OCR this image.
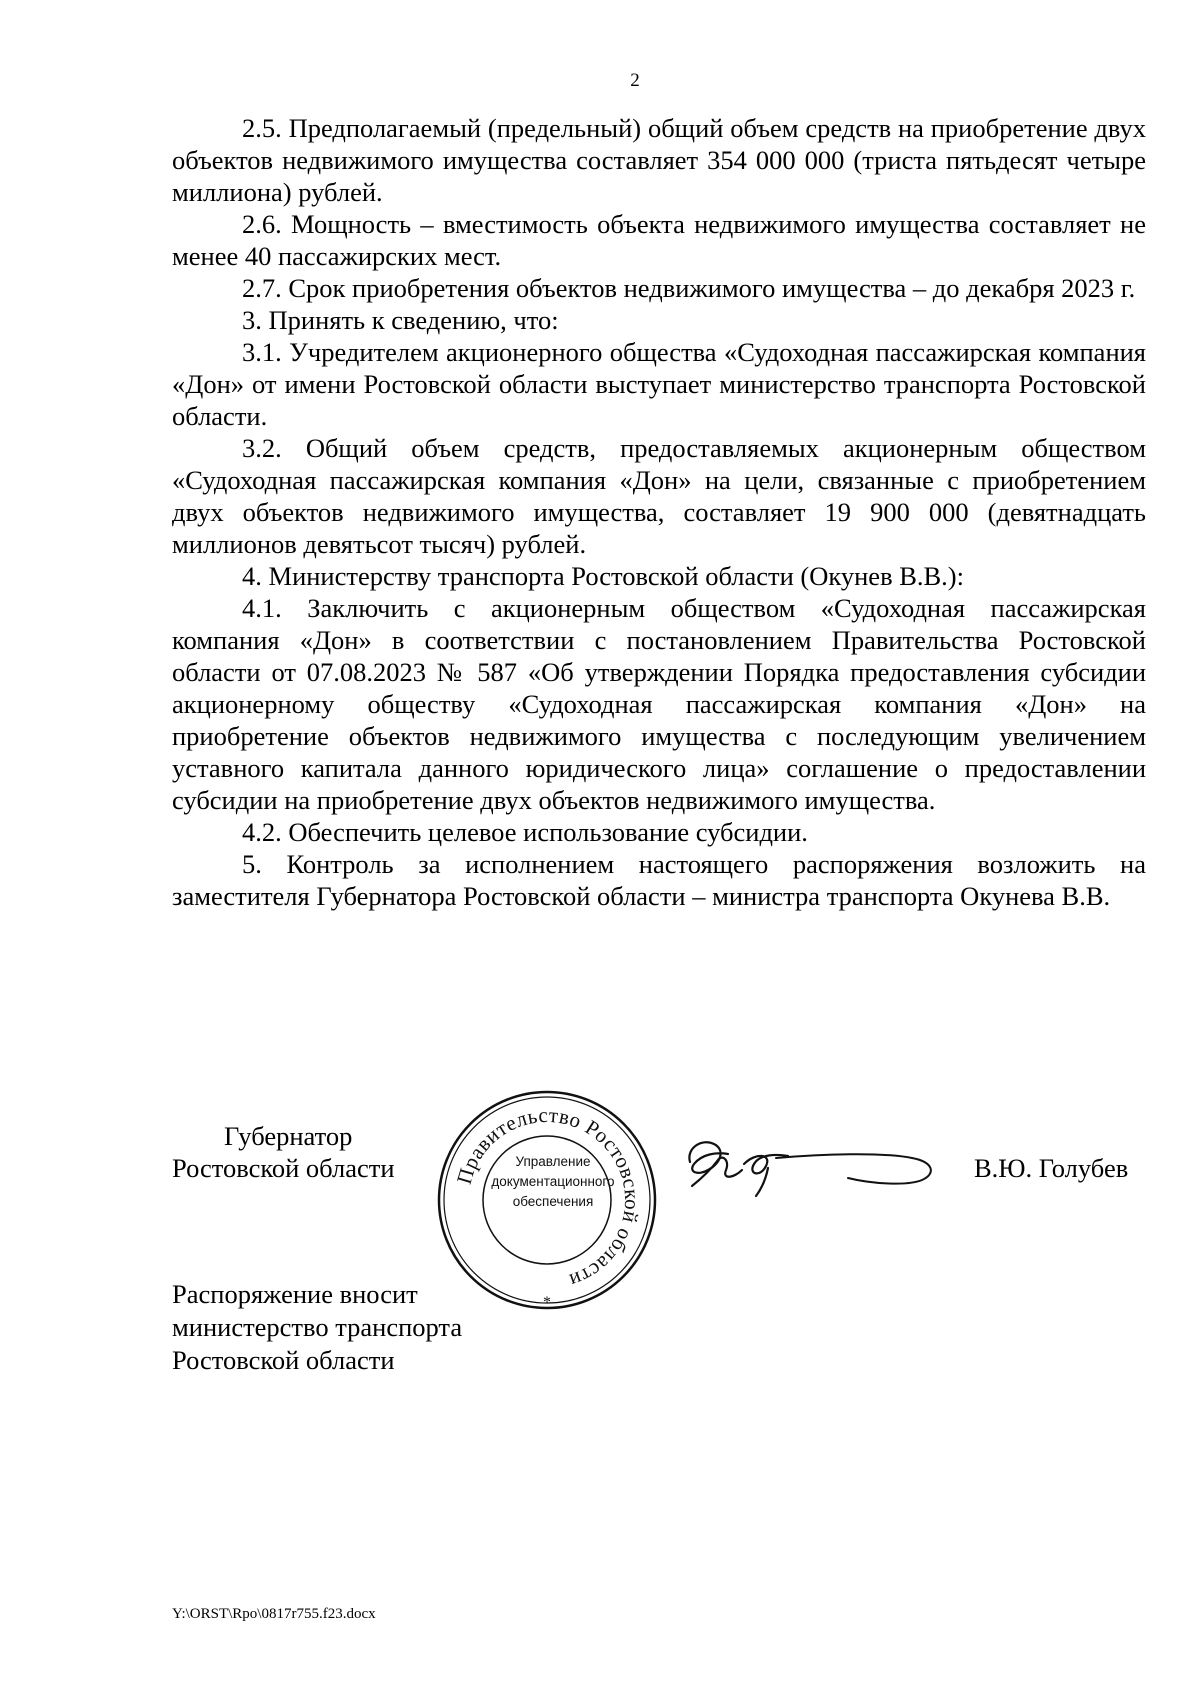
2

2.5. Предполагаемый (предельный) общий объем средств на приобретение двух объектов недвижимого имущества составляет 354 000 000 (триста пятьдесят четыре миллиона) рублей.

2.6. Мощность – вместимость объекта недвижимого имущества составляет не менее 40 пассажирских мест.

2.7. Срок приобретения объектов недвижимого имущества – до декабря 2023 г.

3. Принять к сведению, что:

3.1. Учредителем акционерного общества «Судоходная пассажирская компания «Дон» от имени Ростовской области выступает министерство транспорта Ростовской области.

3.2. Общий объем средств, предоставляемых акционерным обществом «Судоходная пассажирская компания «Дон» на цели, связанные с приобретением двух объектов недвижимого имущества, составляет 19 900 000 (девятнадцать миллионов девятьсот тысяч) рублей.

4. Министерству транспорта Ростовской области (Окунев В.В.):

4.1. Заключить с акционерным обществом «Судоходная пассажирская компания «Дон» в соответствии с постановлением Правительства Ростовской области от 07.08.2023 № 587 «Об утверждении Порядка предоставления субсидии акционерному обществу «Судоходная пассажирская компания «Дон» на приобретение объектов недвижимого имущества с последующим увеличением уставного капитала данного юридического лица» соглашение о предоставлении субсидии на приобретение двух объектов недвижимого имущества.

4.2. Обеспечить целевое использование субсидии.

5. Контроль за исполнением настоящего распоряжения возложить на заместителя Губернатора Ростовской области – министра транспорта Окунева В.В.

Губернатор
Ростовской области	Правительство Ростовской области
*
Управление
документационного
обеспечения
В.Ю. Голубев
Распоряжение вносит
министерство транспорта
Ростовской области
Y:\ORST\Rpo\0817r755.f23.docx
